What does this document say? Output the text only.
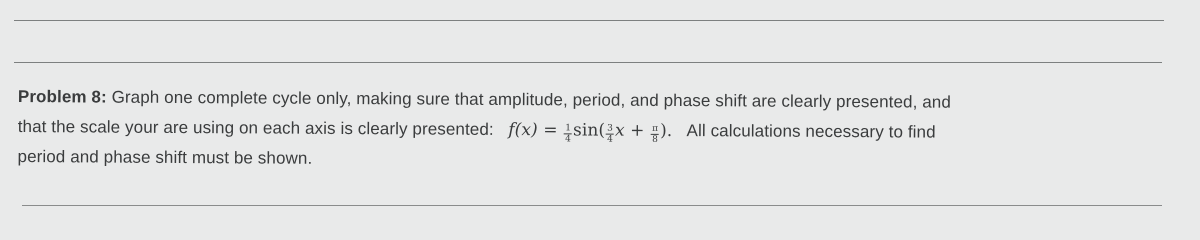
Problem 8: Graph one complete cycle only, making sure that amplitude, period, and phase shift are clearly presented, and
that the scale your are using on each axis is clearly presented: $f(x) = \frac{1}{4} \sin( \frac{3}{4}$ $x + \frac{\pi}{8}$ ). All calculations necessary to find
period and phase shift must be shown.
